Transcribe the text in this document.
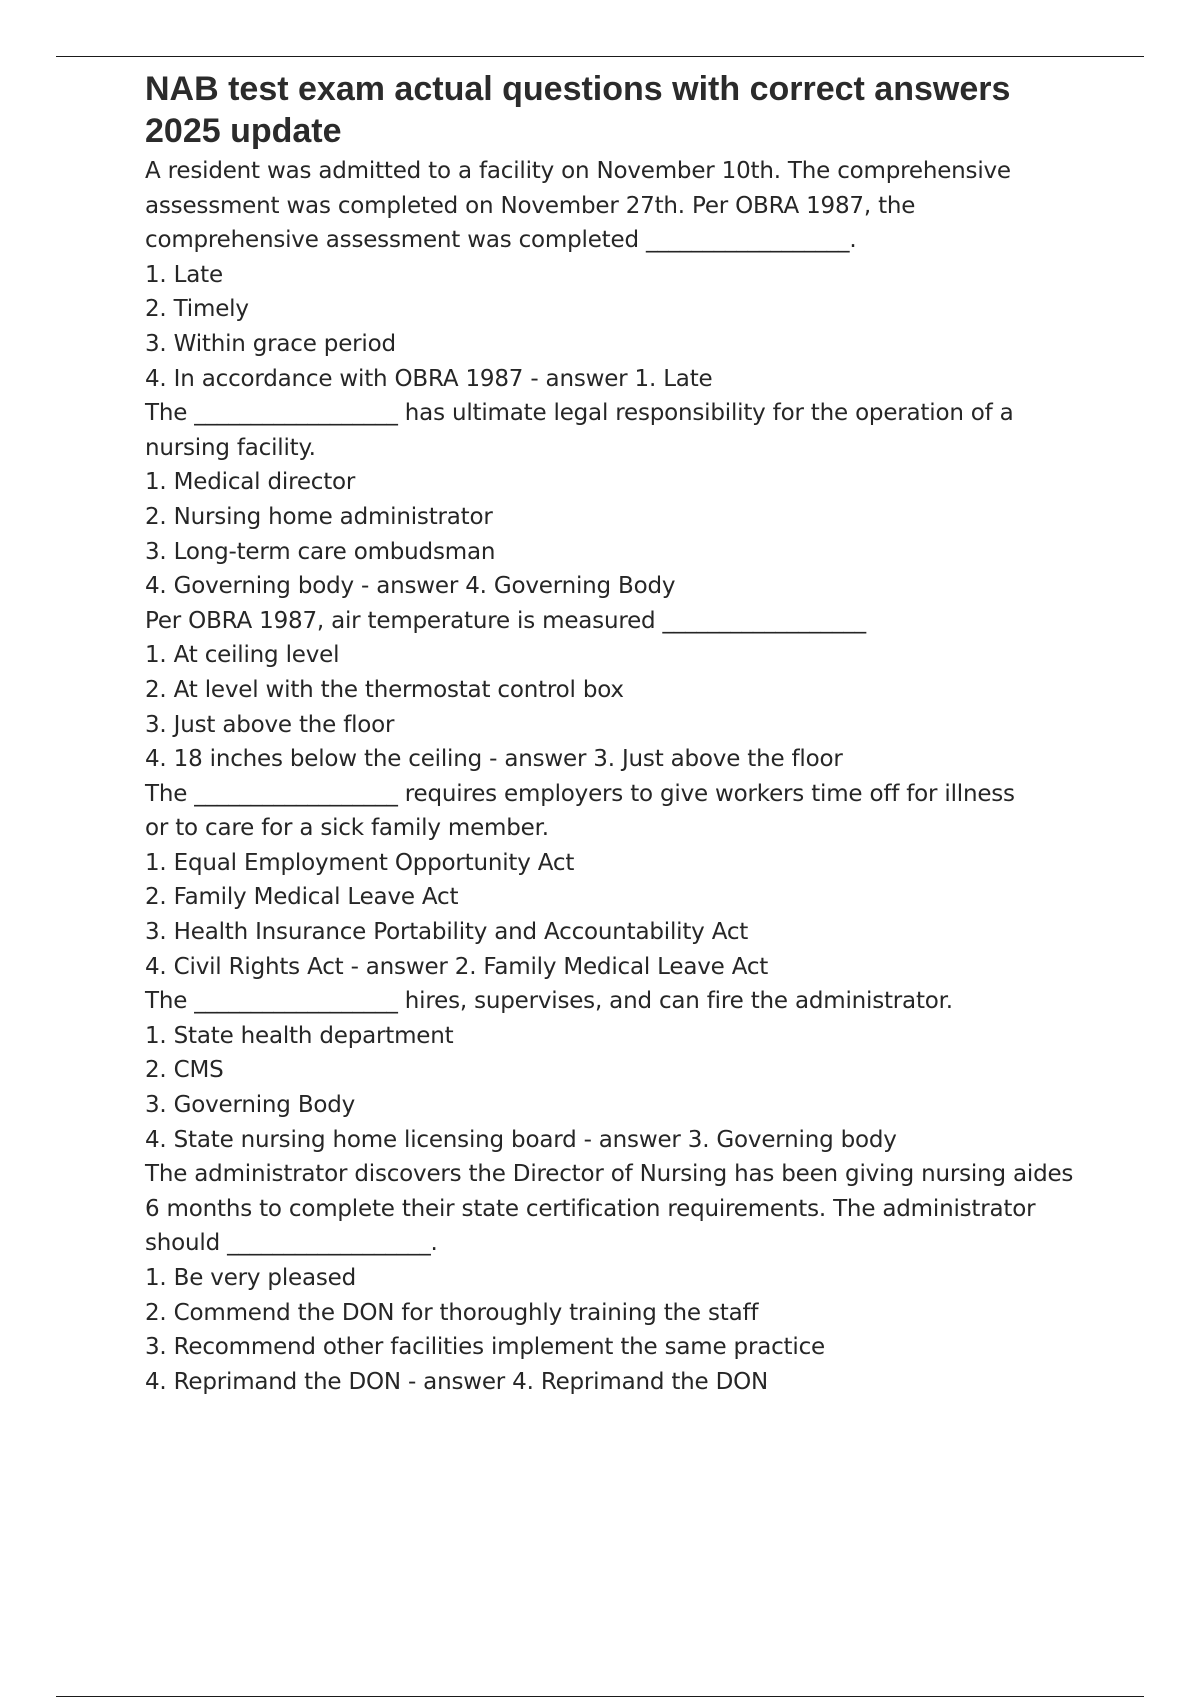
NAB test exam actual questions with correct answers 2025 update
A resident was admitted to a facility on November 10th. The comprehensive
assessment was completed on November 27th. Per OBRA 1987, the
comprehensive assessment was completed __________________.
1. Late
2. Timely
3. Within grace period
4. In accordance with OBRA 1987 - answer 1. Late
The __________________ has ultimate legal responsibility for the operation of a
nursing facility.
1. Medical director
2. Nursing home administrator
3. Long-term care ombudsman
4. Governing body - answer 4. Governing Body
Per OBRA 1987, air temperature is measured __________________
1. At ceiling level
2. At level with the thermostat control box
3. Just above the floor
4. 18 inches below the ceiling - answer 3. Just above the floor
The __________________ requires employers to give workers time off for illness
or to care for a sick family member.
1. Equal Employment Opportunity Act
2. Family Medical Leave Act
3. Health Insurance Portability and Accountability Act
4. Civil Rights Act - answer 2. Family Medical Leave Act
The __________________ hires, supervises, and can fire the administrator.
1. State health department
2. CMS
3. Governing Body
4. State nursing home licensing board - answer 3. Governing body
The administrator discovers the Director of Nursing has been giving nursing aides
6 months to complete their state certification requirements. The administrator
should __________________.
1. Be very pleased
2. Commend the DON for thoroughly training the staff
3. Recommend other facilities implement the same practice
4. Reprimand the DON - answer 4. Reprimand the DON
